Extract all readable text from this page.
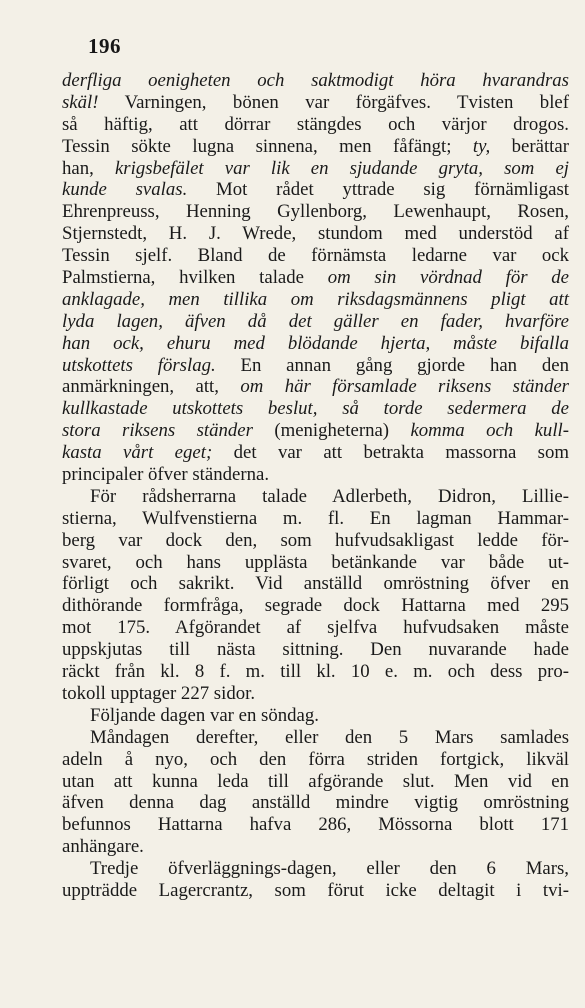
196
derfliga oenigheten och saktmodigt höra hvarandras
skäl! Varningen, bönen var förgäfves. Tvisten blef
så häftig, att dörrar stängdes och värjor drogos.
Tessin sökte lugna sinnena, men fåfängt; ty, berättar
han, krigsbefälet var lik en sjudande gryta, som ej
kunde svalas. Mot rådet yttrade sig förnämligast
Ehrenpreuss, Henning Gyllenborg, Lewenhaupt, Rosen,
Stjernstedt, H. J. Wrede, stundom med understöd af
Tessin sjelf. Bland de förnämsta ledarne var ock
Palmstierna, hvilken talade om sin vördnad för de
anklagade, men tillika om riksdagsmännens pligt att
lyda lagen, äfven då det gäller en fader, hvarföre
han ock, ehuru med blödande hjerta, måste bifalla
utskottets förslag. En annan gång gjorde han den
anmärkningen, att, om här församlade riksens ständer
kullkastade utskottets beslut, så torde sedermera de
stora riksens ständer (menigheterna) komma och kull-
kasta vårt eget; det var att betrakta massorna som
principaler öfver ständerna.
För rådsherrarna talade Adlerbeth, Didron, Lillie-
stierna, Wulfvenstierna m. fl. En lagman Hammar-
berg var dock den, som hufvudsakligast ledde för-
svaret, och hans upplästa betänkande var både ut-
förligt och sakrikt. Vid anställd omröstning öfver en
dithörande formfråga, segrade dock Hattarna med 295
mot 175. Afgörandet af sjelfva hufvudsaken måste
uppskjutas till nästa sittning. Den nuvarande hade
räckt från kl. 8 f. m. till kl. 10 e. m. och dess pro-
tokoll upptager 227 sidor.
Följande dagen var en söndag.
Måndagen derefter, eller den 5 Mars samlades
adeln å nyo, och den förra striden fortgick, likväl
utan att kunna leda till afgörande slut. Men vid en
äfven denna dag anställd mindre vigtig omröstning
befunnos Hattarna hafva 286, Mössorna blott 171
anhängare.
Tredje öfverläggnings-dagen, eller den 6 Mars,
uppträdde Lagercrantz, som förut icke deltagit i tvi-
